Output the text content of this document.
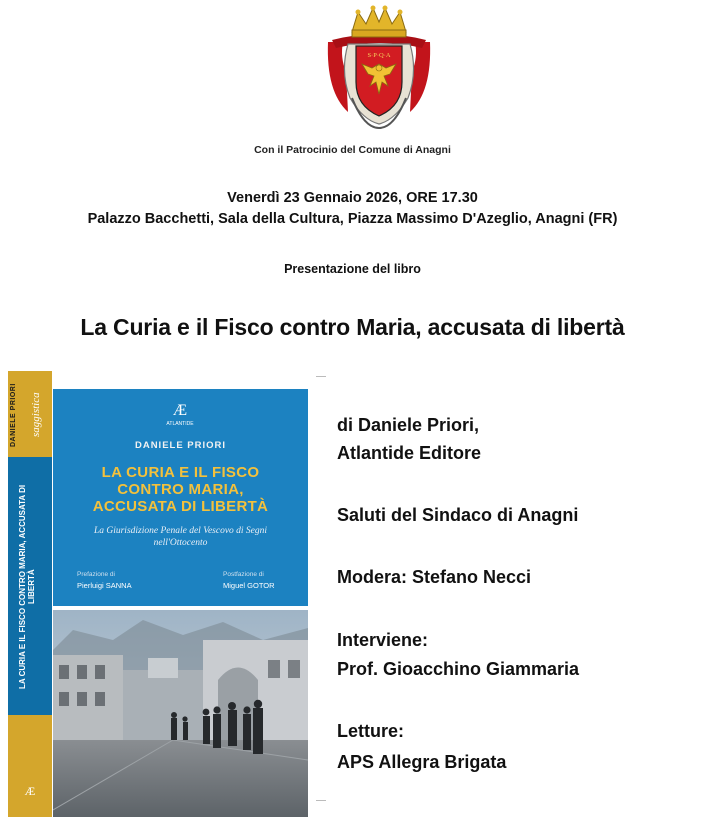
S·P·Q·A
Con il Patrocinio del Comune di Anagni
Venerdì 23 Gennaio 2026, ORE 17.30
Palazzo Bacchetti, Sala della Cultura, Piazza Massimo D'Azeglio, Anagni (FR)
Presentazione del libro
La Curia e il Fisco contro Maria, accusata di libertà
DANIELE PRIORI	saggistica
LA CURIA E IL FISCO CONTRO MARIA, ACCUSATA DI LIBERTÀ
Æ
Æ
ATLANTIDE
DANIELE PRIORI
LA CURIA E IL FISCO
CONTRO MARIA,
ACCUSATA DI LIBERTÀ
La Giurisdizione Penale del Vescovo di Segni
nell'Ottocento
Prefazione di
Pierluigi SANNA
Postfazione di
Miguel GOTOR
di Daniele Priori,
Atlantide Editore
Saluti del Sindaco di Anagni
Modera: Stefano Necci
Interviene:
Prof. Gioacchino Giammaria
Letture:
APS Allegra Brigata
